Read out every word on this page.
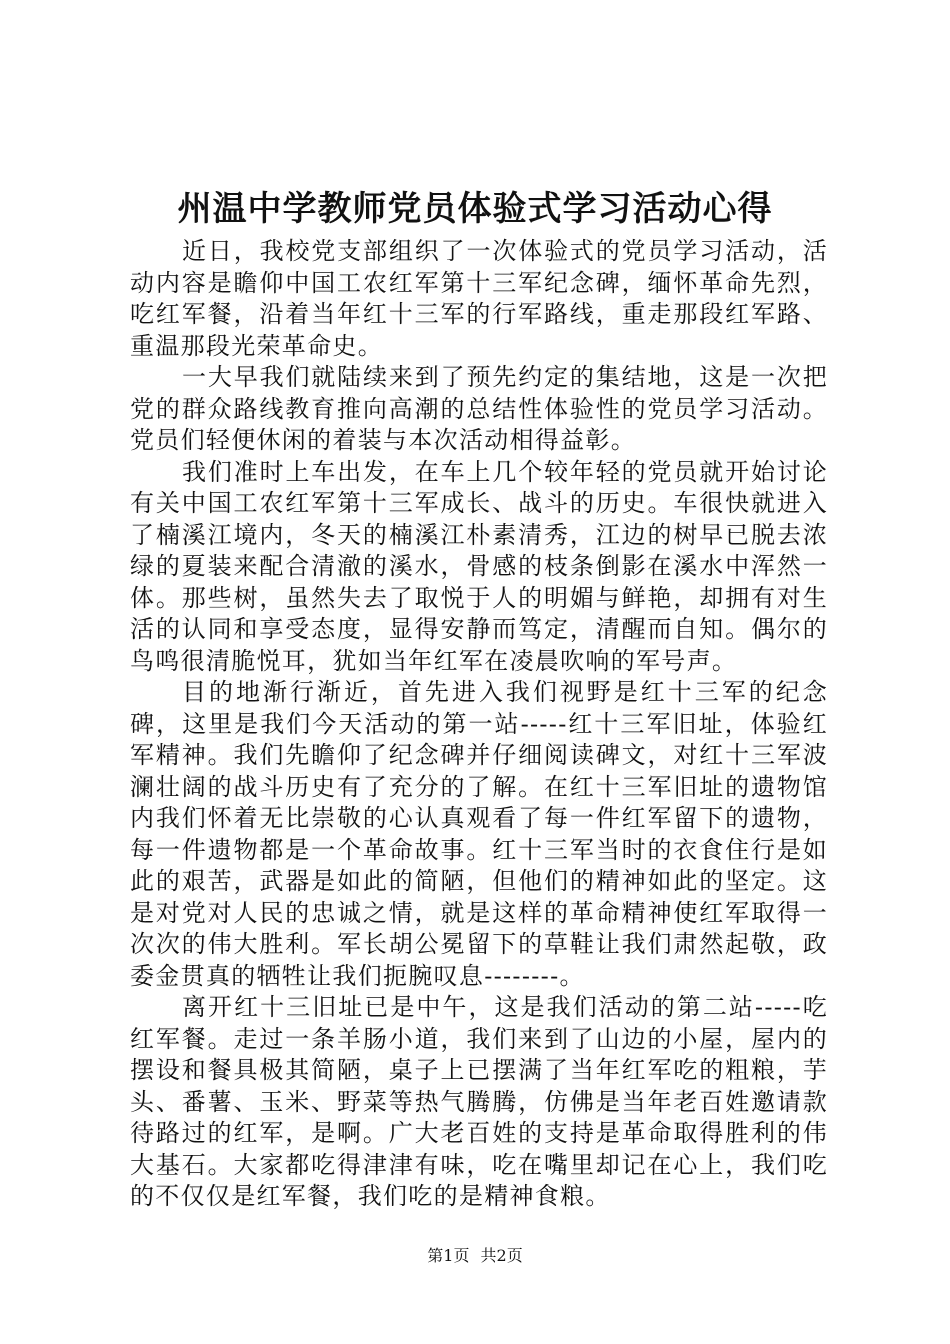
州温中学教师党员体验式学习活动心得

近日，我校党支部组织了一次体验式的党员学习活动，活动内容是瞻仰中国工农红军第十三军纪念碑，缅怀革命先烈，吃红军餐，沿着当年红十三军的行军路线，重走那段红军路、重温那段光荣革命史。

一大早我们就陆续来到了预先约定的集结地，这是一次把党的群众路线教育推向高潮的总结性体验性的党员学习活动。党员们轻便休闲的着装与本次活动相得益彰。

我们准时上车出发，在车上几个较年轻的党员就开始讨论有关中国工农红军第十三军成长、战斗的历史。车很快就进入了楠溪江境内，冬天的楠溪江朴素清秀，江边的树早已脱去浓绿的夏装来配合清澈的溪水，骨感的枝条倒影在溪水中浑然一体。那些树，虽然失去了取悦于人的明媚与鲜艳，却拥有对生活的认同和享受态度，显得安静而笃定，清醒而自知。偶尔的鸟鸣很清脆悦耳，犹如当年红军在凌晨吹响的军号声。

目的地渐行渐近，首先进入我们视野是红十三军的纪念碑，这里是我们今天活动的第一站-----红十三军旧址，体验红军精神。我们先瞻仰了纪念碑并仔细阅读碑文，对红十三军波澜壮阔的战斗历史有了充分的了解。在红十三军旧址的遗物馆内我们怀着无比崇敬的心认真观看了每一件红军留下的遗物，每一件遗物都是一个革命故事。红十三军当时的衣食住行是如此的艰苦，武器是如此的简陋，但他们的精神如此的坚定。这是对党对人民的忠诚之情，就是这样的革命精神使红军取得一次次的伟大胜利。军长胡公冕留下的草鞋让我们肃然起敬，政委金贯真的牺牲让我们扼腕叹息--------。

离开红十三旧址已是中午，这是我们活动的第二站-----吃红军餐。走过一条羊肠小道，我们来到了山边的小屋，屋内的摆设和餐具极其简陋，桌子上已摆满了当年红军吃的粗粮，芋头、番薯、玉米、野菜等热气腾腾，仿佛是当年老百姓邀请款待路过的红军，是啊。广大老百姓的支持是革命取得胜利的伟大基石。大家都吃得津津有味，吃在嘴里却记在心上，我们吃的不仅仅是红军餐，我们吃的是精神食粮。

第1页 共2页
